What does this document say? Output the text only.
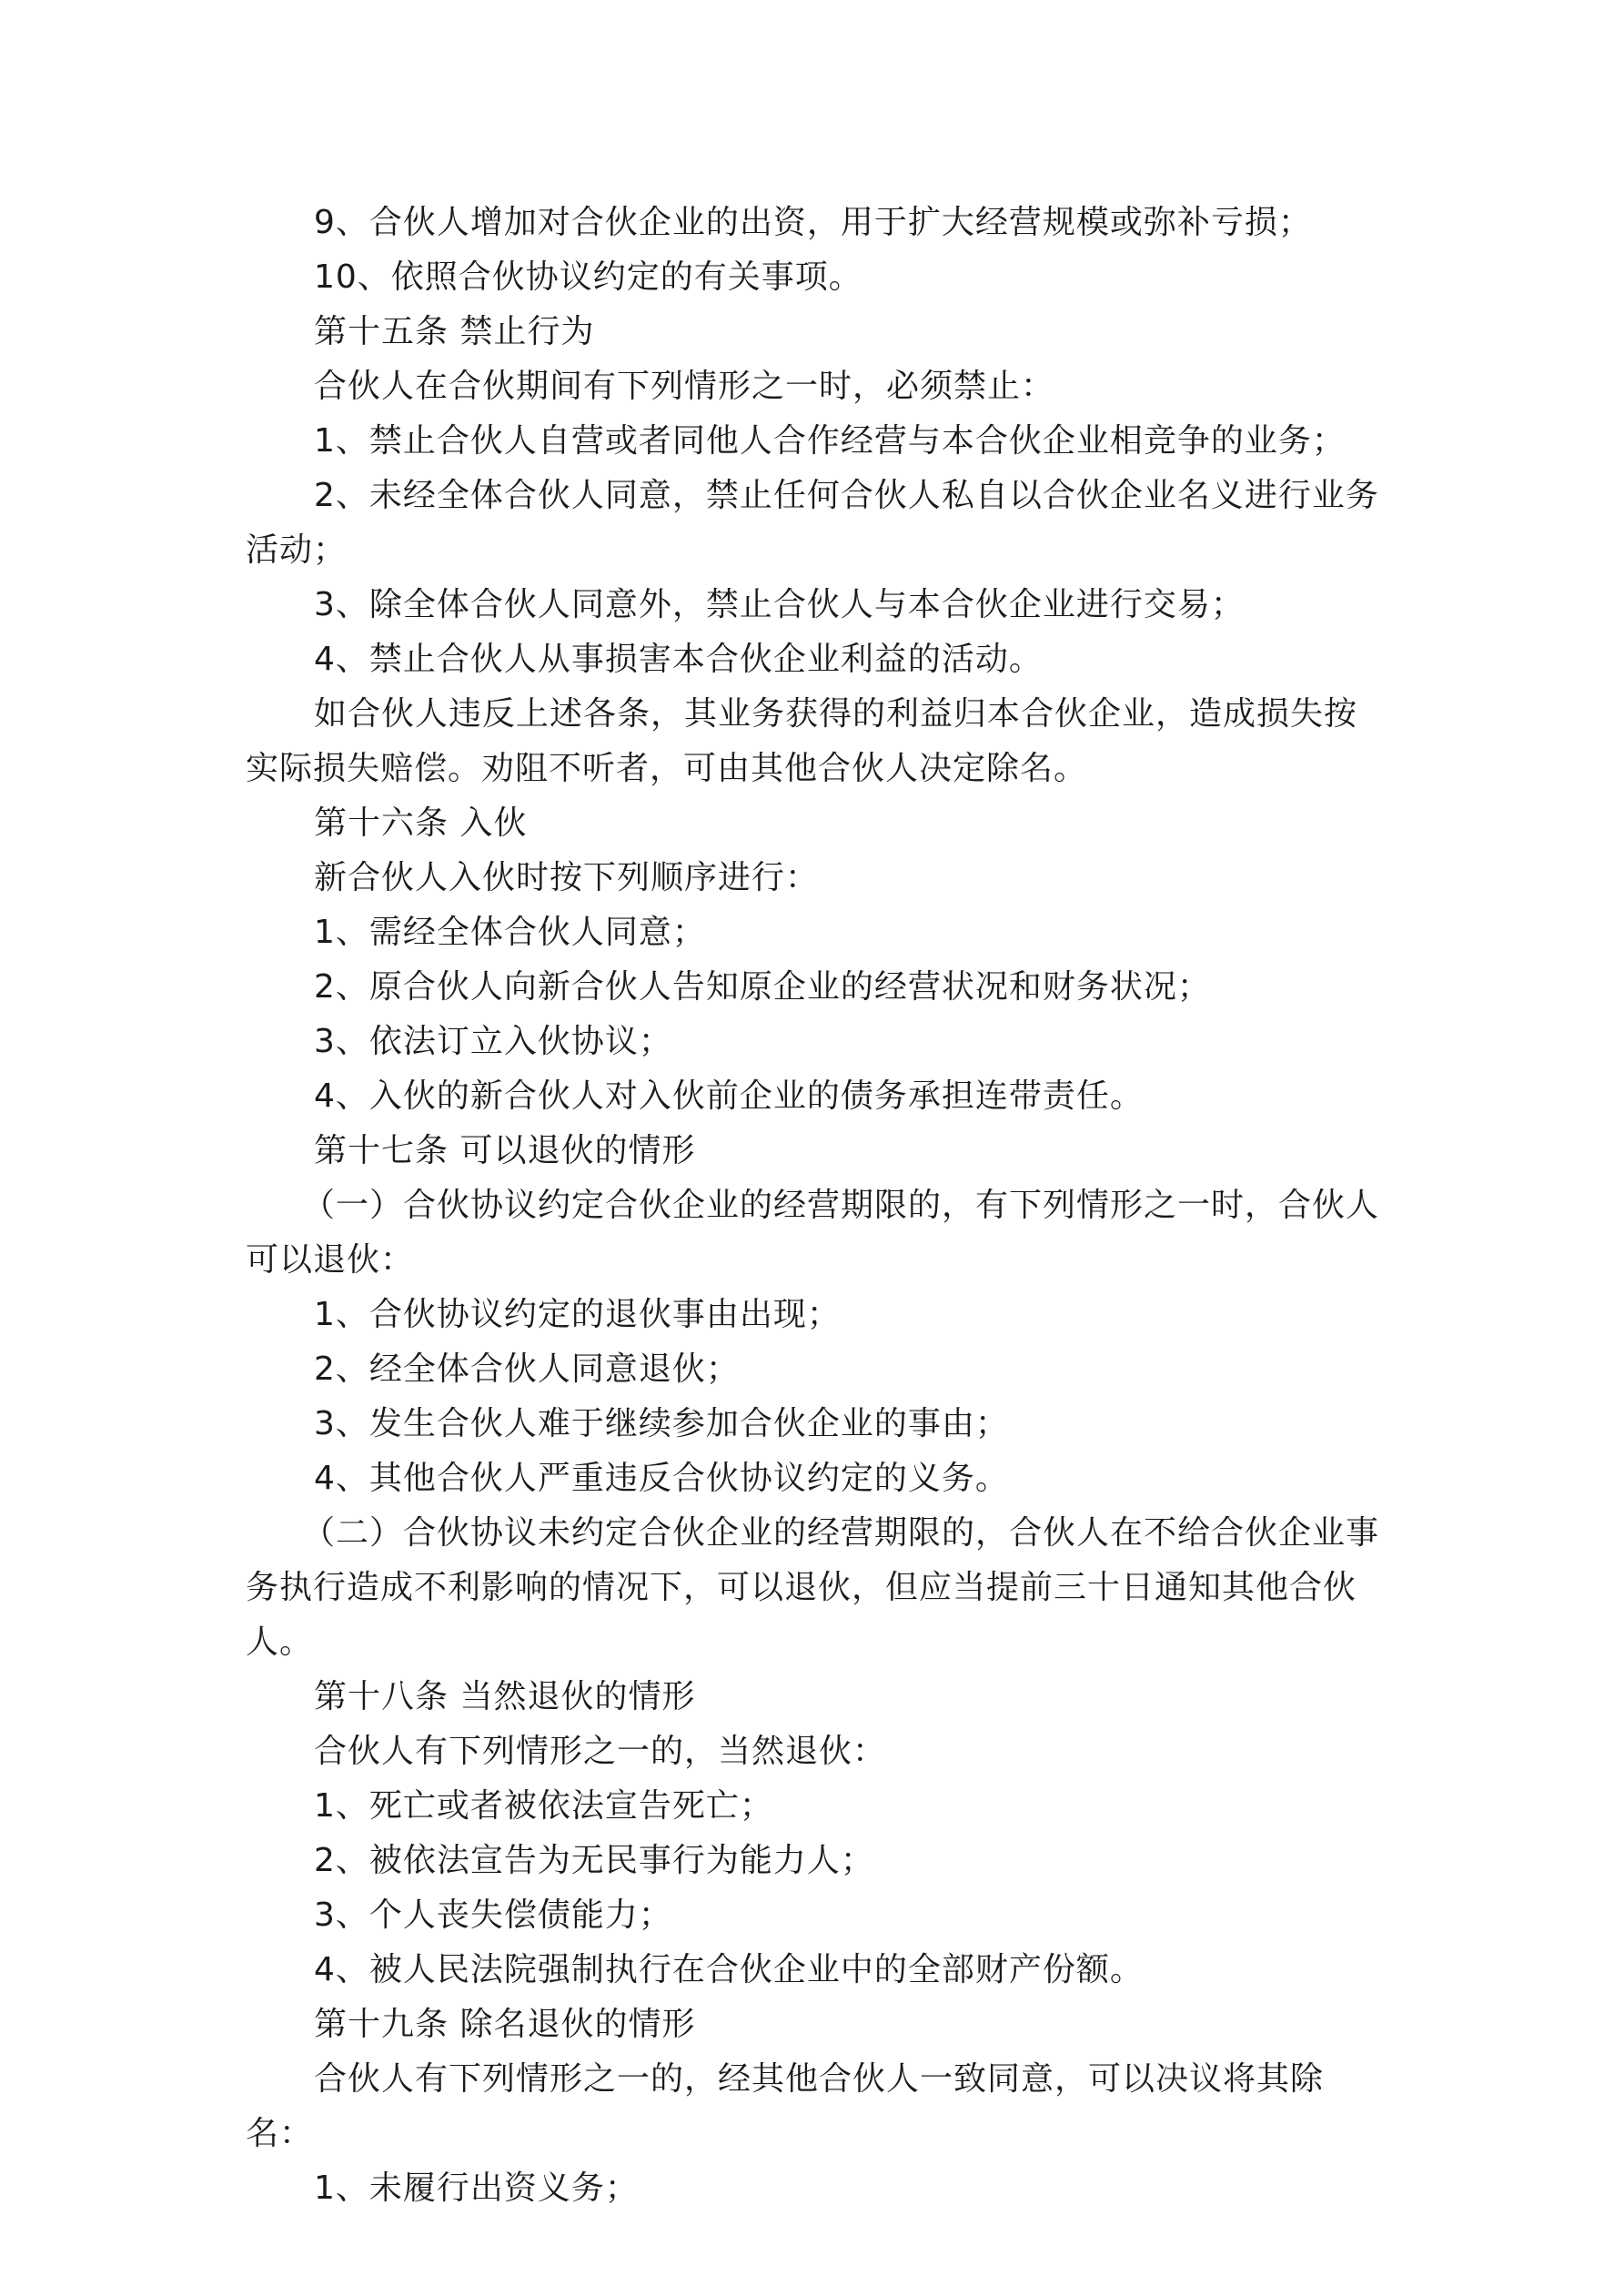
9、合伙人增加对合伙企业的出资，用于扩大经营规模或弥补亏损；

10、依照合伙协议约定的有关事项。

第十五条 禁止行为

合伙人在合伙期间有下列情形之一时，必须禁止：

1、禁止合伙人自营或者同他人合作经营与本合伙企业相竞争的业务；

2、未经全体合伙人同意，禁止任何合伙人私自以合伙企业名义进行业务活动；

3、除全体合伙人同意外，禁止合伙人与本合伙企业进行交易；

4、禁止合伙人从事损害本合伙企业利益的活动。

如合伙人违反上述各条，其业务获得的利益归本合伙企业，造成损失按实际损失赔偿。劝阻不听者，可由其他合伙人决定除名。

第十六条 入伙

新合伙人入伙时按下列顺序进行：

1、需经全体合伙人同意；

2、原合伙人向新合伙人告知原企业的经营状况和财务状况；

3、依法订立入伙协议；

4、入伙的新合伙人对入伙前企业的债务承担连带责任。

第十七条 可以退伙的情形

（一）合伙协议约定合伙企业的经营期限的，有下列情形之一时，合伙人可以退伙：

1、合伙协议约定的退伙事由出现；

2、经全体合伙人同意退伙；

3、发生合伙人难于继续参加合伙企业的事由；

4、其他合伙人严重违反合伙协议约定的义务。

（二）合伙协议未约定合伙企业的经营期限的，合伙人在不给合伙企业事务执行造成不利影响的情况下，可以退伙，但应当提前三十日通知其他合伙人。

第十八条 当然退伙的情形

合伙人有下列情形之一的，当然退伙：

1、死亡或者被依法宣告死亡；

2、被依法宣告为无民事行为能力人；

3、个人丧失偿债能力；

4、被人民法院强制执行在合伙企业中的全部财产份额。

第十九条 除名退伙的情形

合伙人有下列情形之一的，经其他合伙人一致同意，可以决议将其除名：

1、未履行出资义务；
